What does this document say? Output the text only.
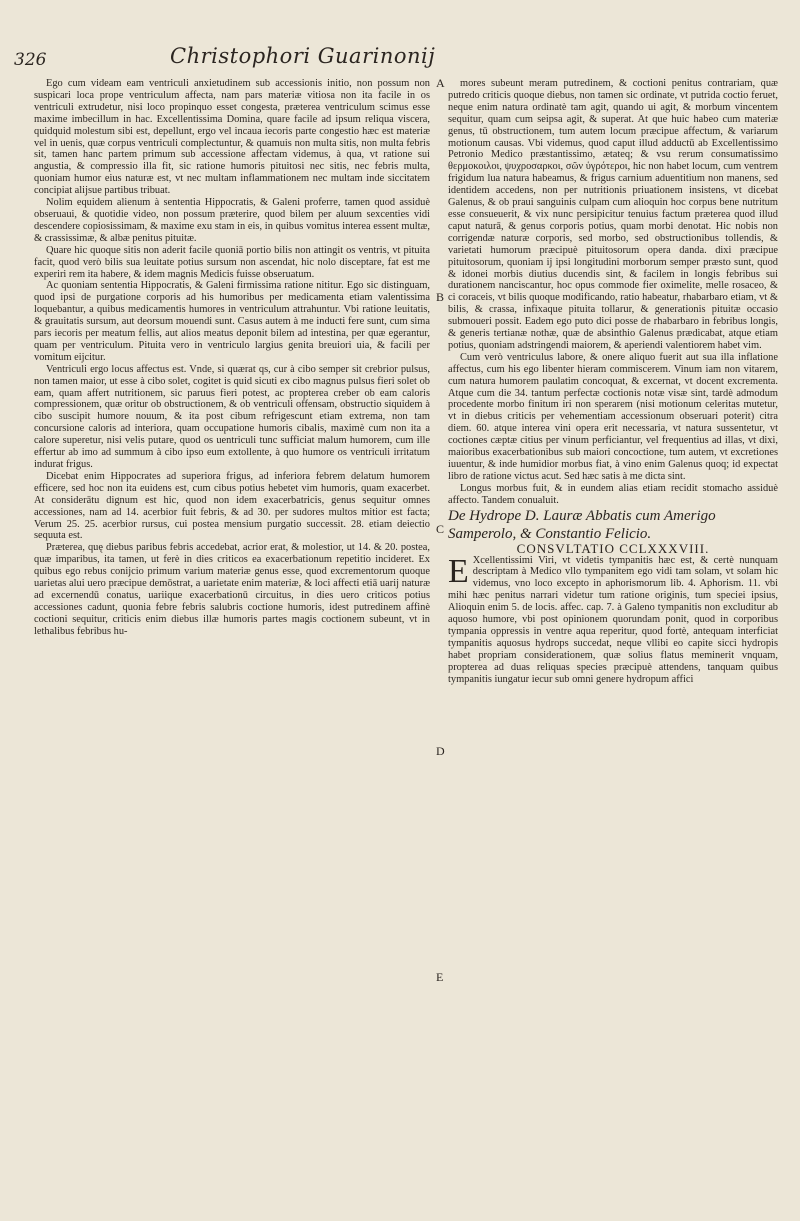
326	Christophori Guarinonij

Ego cum videam eam ventriculi anxietudinem sub accessionis initio, non possum non suspicari loca prope ventriculum affecta, nam pars materiæ vitiosa non ita facile in os ventriculi extrudetur, nisi loco propinquo esset congesta, præterea ventriculum scimus esse maxime imbecillum in hac. Excellentissima Domina, quare facile ad ipsum reliqua viscera, quidquid molestum sibi est, depellunt, ergo vel incaua iecoris parte congestio hæc est materiæ vel in uenis, quæ corpus ventriculi complectuntur, & quamuis non multa sitis, non multa febris sit, tamen hanc partem primum sub accessione affectam videmus, à qua, vt ratione sui angustia, & compressio illa fit, sic ratione humoris pituitosi nec sitis, nec febris multa, quoniam humor eius naturæ est, vt nec multam inflammationem nec multam inde siccitatem concipiat alijsue partibus tribuat.

Nolim equidem alienum à sententia Hippocratis, & Galeni proferre, tamen quod assiduè obseruaui, & quotidie video, non possum præterire, quod bilem per aluum sexcenties vidi descendere copiosissimam, & maxime exu stam in eis, in quibus vomitus interea essent multæ, & crassissimæ, & albæ penitus pituitæ.

Quare hic quoque sitis non aderit facile quoniā portio bilis non attingit os ventris, vt pituita facit, quod verò bilis sua leuitate potius sursum non ascendat, hic nolo disceptare, fat est me experiri rem ita habere, & idem magnis Medicis fuisse obseruatum.

Ac quoniam sententia Hippocratis, & Galeni firmissima ratione nititur. Ego sic distinguam, quod ipsi de purgatione corporis ad his humoribus per medicamenta etiam valentissima loquebantur, a quibus medicamentis humores in ventriculum attrahuntur. Vbi ratione leuitatis, & grauitatis sursum, aut deorsum mouendi sunt. Casus autem à me inducti fere sunt, cum sima pars iecoris per meatum fellis, aut alios meatus deponit bilem ad intestina, per quæ egerantur, quam per ventriculum. Pituita vero in ventriculo largius genita breuiori uia, & facili per vomitum eijcitur.

Ventriculi ergo locus affectus est. Vnde, si quærat qs, cur à cibo semper sit crebrior pulsus, non tamen maior, ut esse à cibo solet, cogitet is quid sicuti ex cibo magnus pulsus fieri solet ob eam, quam affert nutritionem, sic paruus fieri potest, ac propterea creber ob eam caloris compressionem, quæ oritur ob obstructionem, & ob ventriculi offensam, obstructio siquidem à cibo suscipit humore nouum, & ita post cibum refrigescunt etiam extrema, non tam concursione caloris ad interiora, quam occupatione humoris cibalis, maximè cum non ita a calore superetur, nisi velis putare, quod os uentriculi tunc sufficiat malum humorem, cum ille effertur ab imo ad summum à cibo ipso eum extollente, à quo humore os ventriculi irritatum indurat frigus.

Dicebat enim Hippocrates ad superiora frigus, ad inferiora febrem delatum humorem efficere, sed hoc non ita euidens est, cum cibus potius hebetet vim humoris, quam exacerbet. At considerātu dignum est hic, quod non idem exacerbatricis, genus sequitur omnes accessiones, nam ad 14. acerbior fuit febris, & ad 30. per sudores multos mitior est facta; Verum 25. 25. acerbior rursus, cui postea mensium purgatio successit. 28. etiam deiectio sequuta est.

Præterea, quę diebus paribus febris accedebat, acrior erat, & molestior, ut 14. & 20. postea, quæ imparibus, ita tamen, ut ferè in dies criticos ea exacerbationum repetitio incideret. Ex quibus ego rebus conijcio primum varium materiæ genus esse, quod excrementorum quoque uarietas alui uero præcipue demōstrat, a uarietate enim materiæ, & loci affecti etiā uarij naturæ ad excernendū conatus, uariique exacerbationū circuitus, in dies uero criticos potius accessiones cadunt, quonia febre febris salubris coctione humoris, idest putredinem affinè coctioni sequitur, criticis enim diebus illæ humoris partes magis coctionem subeunt, vt in lethalibus febribus hu-

A
B
C
D
E

mores subeunt meram putredinem, & coctioni penitus contrariam, quæ putredo criticis quoque diebus, non tamen sic ordinate, vt putrida coctio feruet, neque enim natura ordinatè tam agit, quando ui agit, & morbum vincentem sequitur, quam cum seipsa agit, & superat. At que huic habeo cum materiæ genus, tū obstructionem, tum autem locum præcipue affectum, & variarum motionum causas. Vbi videmus, quod caput illud adductū ab Excellentissimo Petronio Medico præstantissimo, ætateq; & vsu rerum consumatissimo θερμοκοιλοι, ψυχροσαρκοι, σῶν ὑγρότεροι, hic non habet locum, cum ventrem frigidum lua natura habeamus, & frigus carnium aduentitium non manens, sed identidem accedens, non per nutritionis priuationem insistens, vt dicebat Galenus, & ob praui sanguinis culpam cum alioquin hoc corpus bene nutritum esse consueuerit, & vix nunc persipicitur tenuius factum præterea quod illud caput naturā, & genus corporis potius, quam morbi denotat. Hic nobis non corrigendæ naturæ corporis, sed morbo, sed obstructionibus tollendis, & varietati humorum præcipuè pituitosorum opera danda. dixi præcipue pituitosorum, quoniam ij ipsi longitudini morborum semper præsto sunt, quod & idonei morbis diutius ducendis sint, & facilem in longis febribus sui durationem nanciscantur, hoc opus commode fier oximelite, melle rosaceo, & ci coraceis, vt bilis quoque modificando, ratio habeatur, rhabarbaro etiam, vt & bilis, & crassa, infixaque pituita tollarur, & generationis pituitæ occasio submoueri possit. Eadem ego puto dici posse de rhabarbaro in febribus longis, & generis tertianæ nothæ, quæ de absinthio Galenus prædicabat, atque etiam potius, quoniam adstringendi maiorem, & aperiendi valentiorem habet vim.

Cum verò ventriculus labore, & onere aliquo fuerit aut sua illa inflatione affectus, cum his ego libenter hieram commiscerem. Vinum iam non vitarem, cum natura humorem paulatim concoquat, & excernat, vt docent excrementa. Atque cum die 34. tantum perfectæ coctionis notæ visæ sint, tardè admodum procedente morbo finitum iri non sperarem (nisi motionum celeritas mutetur, vt in diebus criticis per vehementiam accessionum obseruari poterit) citra diem. 60. atque interea vini opera erit necessaria, vt natura sussentetur, vt coctiones cæptæ citius per vinum perficiantur, vel frequentius ad illas, vt dixi, maioribus exacerbationibus sub maiori concoctione, tum autem, vt excretiones iuuentur, & inde humidior morbus fiat, à vino enim Galenus quoq; id expectat libro de ratione victus acut. Sed hæc satis à me dicta sint.

Longus morbus fuit, & in eundem alias etiam recidit stomacho assiduè affecto. Tandem conualuit.

De Hydrope D. Lauræ Abbatis cum Amerigo Samperolo, & Constantio Felicio.

CONSVLTATIO CCLXXXVIII.

E Xcellentissimi Viri, vt videtis tympanitis hæc est, & certè nunquam descriptam à Medico vllo tympanitem ego vidi tam solam, vt solam hic videmus, vno loco excepto in aphorismorum lib. 4. Aphorism. 11. vbi mihi hæc penitus narrari videtur tum ratione originis, tum speciei ipsius, Alioquin enim 5. de locis. affec. cap. 7. à Galeno tympanitis non excluditur ab aquoso humore, vbi post opinionem quorundam ponit, quod in corporibus tympania oppressis in ventre aqua reperitur, quod fortè, antequam interficiat tympanitis aquosus hydrops succedat, neque vllibi eo capite sicci hydropis habet propriam considerationem, quæ solius flatus meminerit vnquam, propterea ad duas reliquas species præcipuè attendens, tanquam quibus tympanitis iungatur iecur sub omni genere hydropum affici
